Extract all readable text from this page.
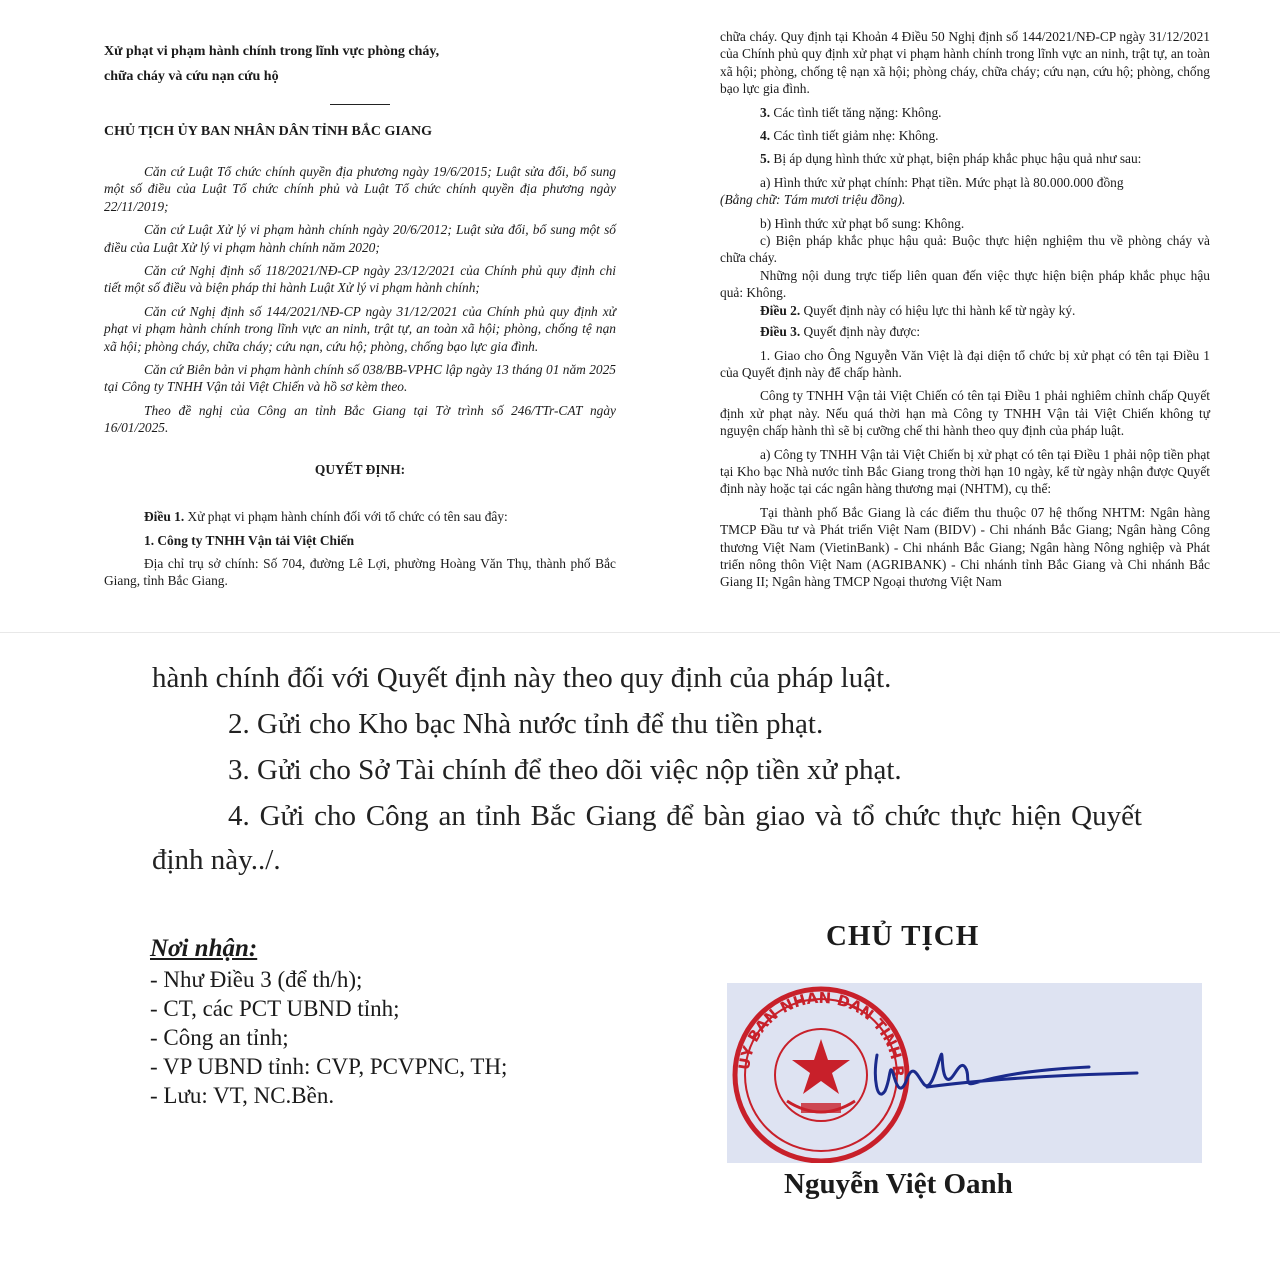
Xử phạt vi phạm hành chính trong lĩnh vực phòng cháy,

chữa cháy và cứu nạn cứu hộ

CHỦ TỊCH ỦY BAN NHÂN DÂN TỈNH BẮC GIANG

Căn cứ Luật Tổ chức chính quyền địa phương ngày 19/6/2015; Luật sửa đổi, bổ sung một số điều của Luật Tổ chức chính phủ và Luật Tổ chức chính quyền địa phương ngày 22/11/2019;

Căn cứ Luật Xử lý vi phạm hành chính ngày 20/6/2012; Luật sửa đổi, bổ sung một số điều của Luật Xử lý vi phạm hành chính năm 2020;

Căn cứ Nghị định số 118/2021/NĐ-CP ngày 23/12/2021 của Chính phủ quy định chi tiết một số điều và biện pháp thi hành Luật Xử lý vi phạm hành chính;

Căn cứ Nghị định số 144/2021/NĐ-CP ngày 31/12/2021 của Chính phủ quy định xử phạt vi phạm hành chính trong lĩnh vực an ninh, trật tự, an toàn xã hội; phòng, chống tệ nạn xã hội; phòng cháy, chữa cháy; cứu nạn, cứu hộ; phòng, chống bạo lực gia đình.

Căn cứ Biên bản vi phạm hành chính số 038/BB-VPHC lập ngày 13 tháng 01 năm 2025 tại Công ty TNHH Vận tải Việt Chiến và hồ sơ kèm theo.

Theo đề nghị của Công an tỉnh Bắc Giang tại Tờ trình số 246/TTr-CAT ngày 16/01/2025.

QUYẾT ĐỊNH:

Điều 1. Xử phạt vi phạm hành chính đối với tổ chức có tên sau đây:

1. Công ty TNHH Vận tải Việt Chiến

Địa chỉ trụ sở chính: Số 704, đường Lê Lợi, phường Hoàng Văn Thụ, thành phố Bắc Giang, tỉnh Bắc Giang.

chữa cháy. Quy định tại Khoản 4 Điều 50 Nghị định số 144/2021/NĐ-CP ngày 31/12/2021 của Chính phủ quy định xử phạt vi phạm hành chính trong lĩnh vực an ninh, trật tự, an toàn xã hội; phòng, chống tệ nạn xã hội; phòng cháy, chữa cháy; cứu nạn, cứu hộ; phòng, chống bạo lực gia đình.

3. Các tình tiết tăng nặng: Không.

4. Các tình tiết giảm nhẹ: Không.

5. Bị áp dụng hình thức xử phạt, biện pháp khắc phục hậu quả như sau:

a) Hình thức xử phạt chính: Phạt tiền. Mức phạt là 80.000.000 đồng

(Bằng chữ: Tám mươi triệu đồng).

b) Hình thức xử phạt bổ sung: Không.

c) Biện pháp khắc phục hậu quả: Buộc thực hiện nghiệm thu về phòng cháy và chữa cháy.

Những nội dung trực tiếp liên quan đến việc thực hiện biện pháp khắc phục hậu quả: Không.

Điều 2. Quyết định này có hiệu lực thi hành kể từ ngày ký.

Điều 3. Quyết định này được:

1. Giao cho Ông Nguyễn Văn Việt là đại diện tổ chức bị xử phạt có tên tại Điều 1 của Quyết định này để chấp hành.

Công ty TNHH Vận tải Việt Chiến có tên tại Điều 1 phải nghiêm chỉnh chấp Quyết định xử phạt này. Nếu quá thời hạn mà Công ty TNHH Vận tải Việt Chiến không tự nguyện chấp hành thì sẽ bị cưỡng chế thi hành theo quy định của pháp luật.

a) Công ty TNHH Vận tải Việt Chiến bị xử phạt có tên tại Điều 1 phải nộp tiền phạt tại Kho bạc Nhà nước tỉnh Bắc Giang trong thời hạn 10 ngày, kể từ ngày nhận được Quyết định này hoặc tại các ngân hàng thương mại (NHTM), cụ thể:

Tại thành phố Bắc Giang là các điểm thu thuộc 07 hệ thống NHTM: Ngân hàng TMCP Đầu tư và Phát triển Việt Nam (BIDV) - Chi nhánh Bắc Giang; Ngân hàng Công thương Việt Nam (VietinBank) - Chi nhánh Bắc Giang; Ngân hàng Nông nghiệp và Phát triển nông thôn Việt Nam (AGRIBANK) - Chi nhánh tỉnh Bắc Giang và Chi nhánh Bắc Giang II; Ngân hàng TMCP Ngoại thương Việt Nam

hành chính đối với Quyết định này theo quy định của pháp luật.

2. Gửi cho Kho bạc Nhà nước tỉnh để thu tiền phạt.

3. Gửi cho Sở Tài chính để theo dõi việc nộp tiền xử phạt.

4. Gửi cho Công an tỉnh Bắc Giang để bàn giao và tổ chức thực hiện Quyết định này../.

Nơi nhận:
- Như Điều 3 (để th/h);
- CT, các PCT UBND tỉnh;
- Công an tỉnh;
- VP UBND tỉnh: CVP, PCVPNC, TH;
- Lưu: VT, NC.Bền.
CHỦ TỊCH
ỦY BAN NHÂN DÂN TỈNH B
Nguyễn Việt Oanh
